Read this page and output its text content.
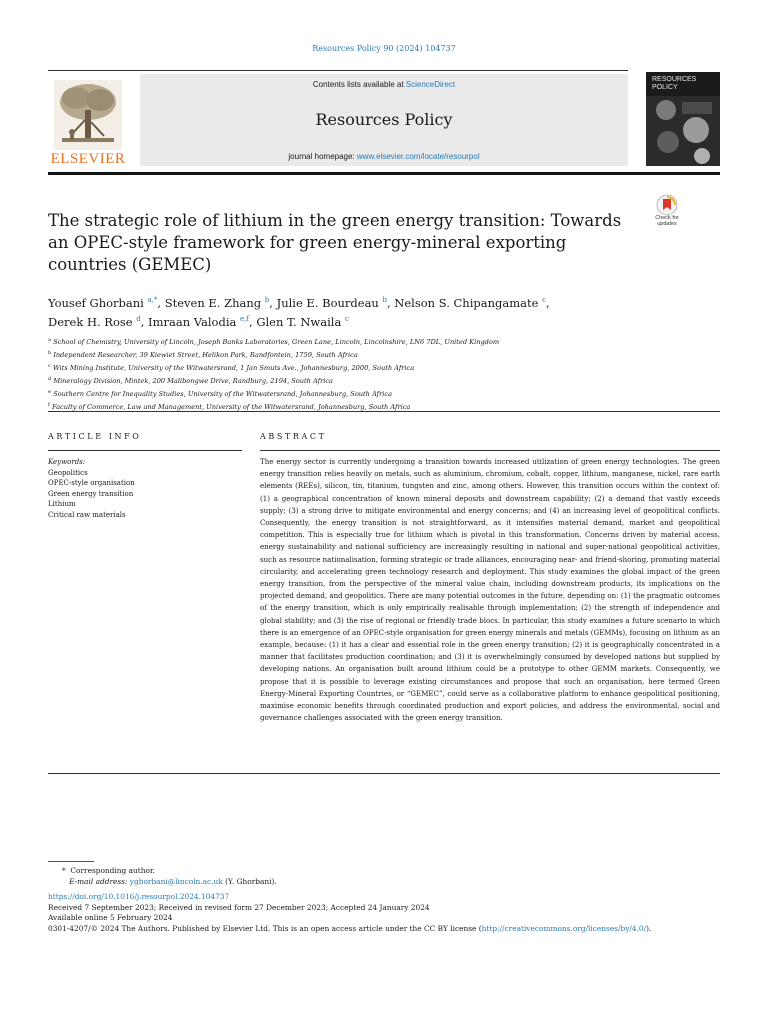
Resources Policy 90 (2024) 104737
ELSEVIER
Contents lists available at ScienceDirect
Resources Policy
journal homepage: www.elsevier.com/locate/resourpol
RESOURCES
POLICY
The strategic role of lithium in the green energy transition: Towards an OPEC-style framework for green energy-mineral exporting countries (GEMEC)
Check for
updates
Yousef Ghorbani $^{a,*}$, Steven E. Zhang $^b$, Julie E. Bourdeau $^b$, Nelson S. Chipangamate $^c$,
Derek H. Rose $^d$, Imraan Valodia $^{e,f}$, Glen T. Nwaila $^c$
$^a$ School of Chemistry, University of Lincoln, Joseph Banks Laboratories, Green Lane, Lincoln, Lincolnshire, LN6 7DL, United Kingdom
$^b$ Independent Researcher, 39 Kiewiet Street, Helikon Park, Randfontein, 1759, South Africa
$^c$ Wits Mining Institute, University of the Witwatersrand, 1 Jan Smuts Ave., Johannesburg, 2000, South Africa
$^d$ Mineralogy Division, Mintek, 200 Malibongwe Drive, Randburg, 2194, South Africa
$^e$ Southern Centre for Inequality Studies, University of the Witwatersrand, Johannesburg, South Africa
$^f$ Faculty of Commerce, Law and Management, University of the Witwatersrand, Johannesburg, South Africa
ARTICLE INFO	ABSTRACT
Keywords:
Geopolitics
OPEC-style organisation
Green energy transition
Lithium
Critical raw materials
The energy sector is currently undergoing a transition towards increased utilization of green energy technologies. The green energy transition relies heavily on metals, such as aluminium, chromium, cobalt, copper, lithium, manganese, nickel, rare earth elements (REEs), silicon, tin, titanium, tungsten and zinc, among others. However, this transition occurs within the context of: (1) a geographical concentration of known mineral deposits and downstream capability; (2) a demand that vastly exceeds supply; (3) a strong drive to mitigate environmental and energy concerns; and (4) an increasing level of geopolitical conflicts. Consequently, the energy transition is not straightforward, as it intensifies material demand, market and geopolitical competition. This is especially true for lithium which is pivotal in this transformation. Concerns driven by material access, energy sustainability and national sufficiency are increasingly resulting in national and super-national geopolitical activities, such as resource nationalisation, forming strategic or trade alliances, encouraging near- and friend-shoring, promoting material circularity, and accelerating green technology research and deployment. This study examines the global impact of the green energy transition, from the perspective of the mineral value chain, including downstream products, its implications on the projected demand, and geopolitics. There are many potential outcomes in the future, depending on: (1) the pragmatic outcomes of the energy transition, which is only empirically realisable through implementation; (2) the strength of independence and global stability; and (3) the rise of regional or friendly trade blocs. In particular, this study examines a future scenario in which there is an emergence of an OPEC-style organisation for green energy minerals and metals (GEMMs), focusing on lithium as an example, because: (1) it has a clear and essential role in the green energy transition; (2) it is geographically concentrated in a manner that facilitates production coordination; and (3) it is overwhelmingly consumed by developed nations but supplied by developing nations. An organisation built around lithium could be a prototype to other GEMM markets. Consequently, we propose that it is possible to leverage existing circumstances and propose that such an organisation, here termed Green Energy-Mineral Exporting Countries, or “GEMEC”, could serve as a collaborative platform to enhance geopolitical positioning, maximise economic benefits through coordinated production and export policies, and address the environmental, social and governance challenges associated with the green energy transition.
* Corresponding author.
E-mail address: yghorbani@lincoln.ac.uk (Y. Ghorbani).
https://doi.org/10.1016/j.resourpol.2024.104737
Received 7 September 2023; Received in revised form 27 December 2023; Accepted 24 January 2024
Available online 5 February 2024
0301-4207/© 2024 The Authors. Published by Elsevier Ltd. This is an open access article under the CC BY license (http://creativecommons.org/licenses/by/4.0/).
